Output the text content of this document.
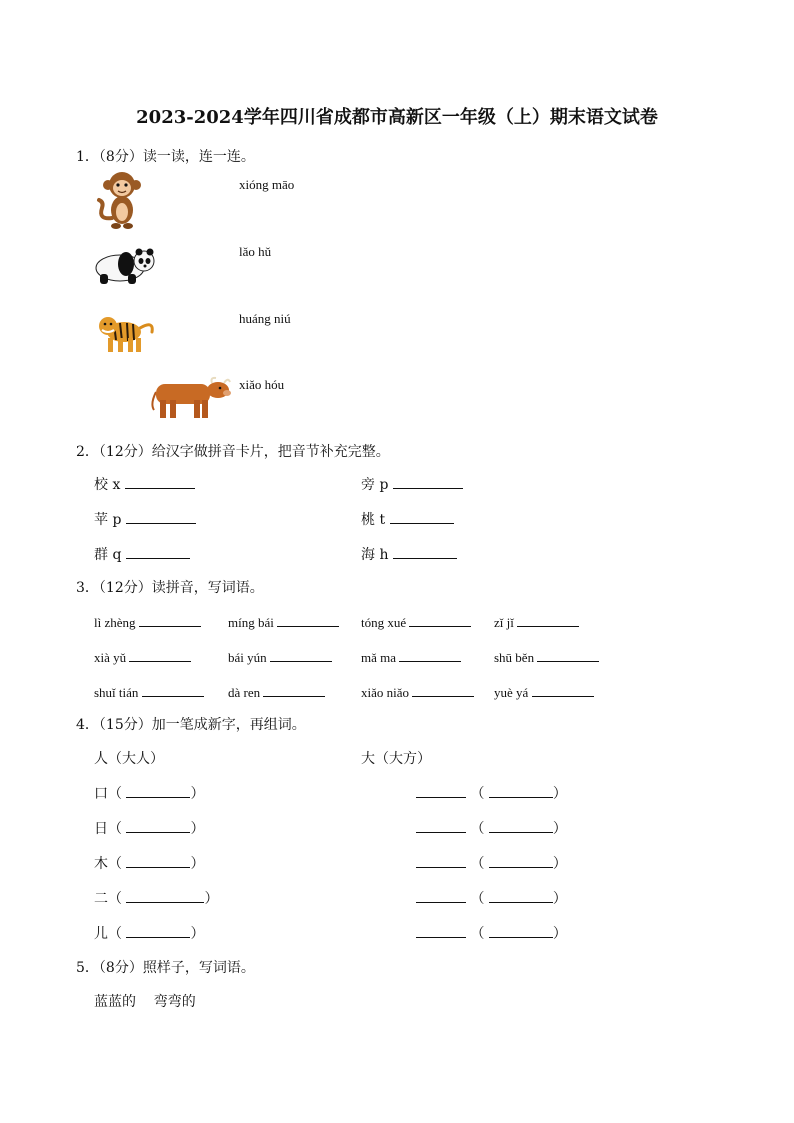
2023-2024学年四川省成都市高新区一年级（上）期末语文试卷
1．（8分）读一读，连一连。
xióng māo
lǎo hǔ
huáng niú
xiǎo hóu
2．（12分）给汉字做拼音卡片，把音节补充完整。
校 x	旁 p
苹 p	桃 t
群 q	海 h
3．（12分）读拼音，写词语。
lì zhèng	míng bái	tóng xué	zǐ jǐ
xià yǔ	bái yún	mǎ ma	shū běn
shuǐ tián	dà ren	xiǎo niǎo	yuè yá
4．（15分）加一笔成新字，再组词。
人（大人）	大（大方）
口（	）	（	）
日（	）	（	）
木（	）	（	）
二（	）	（	）
儿（	）	（	）
5．（8分）照样子，写词语。
蓝蓝的    弯弯的
